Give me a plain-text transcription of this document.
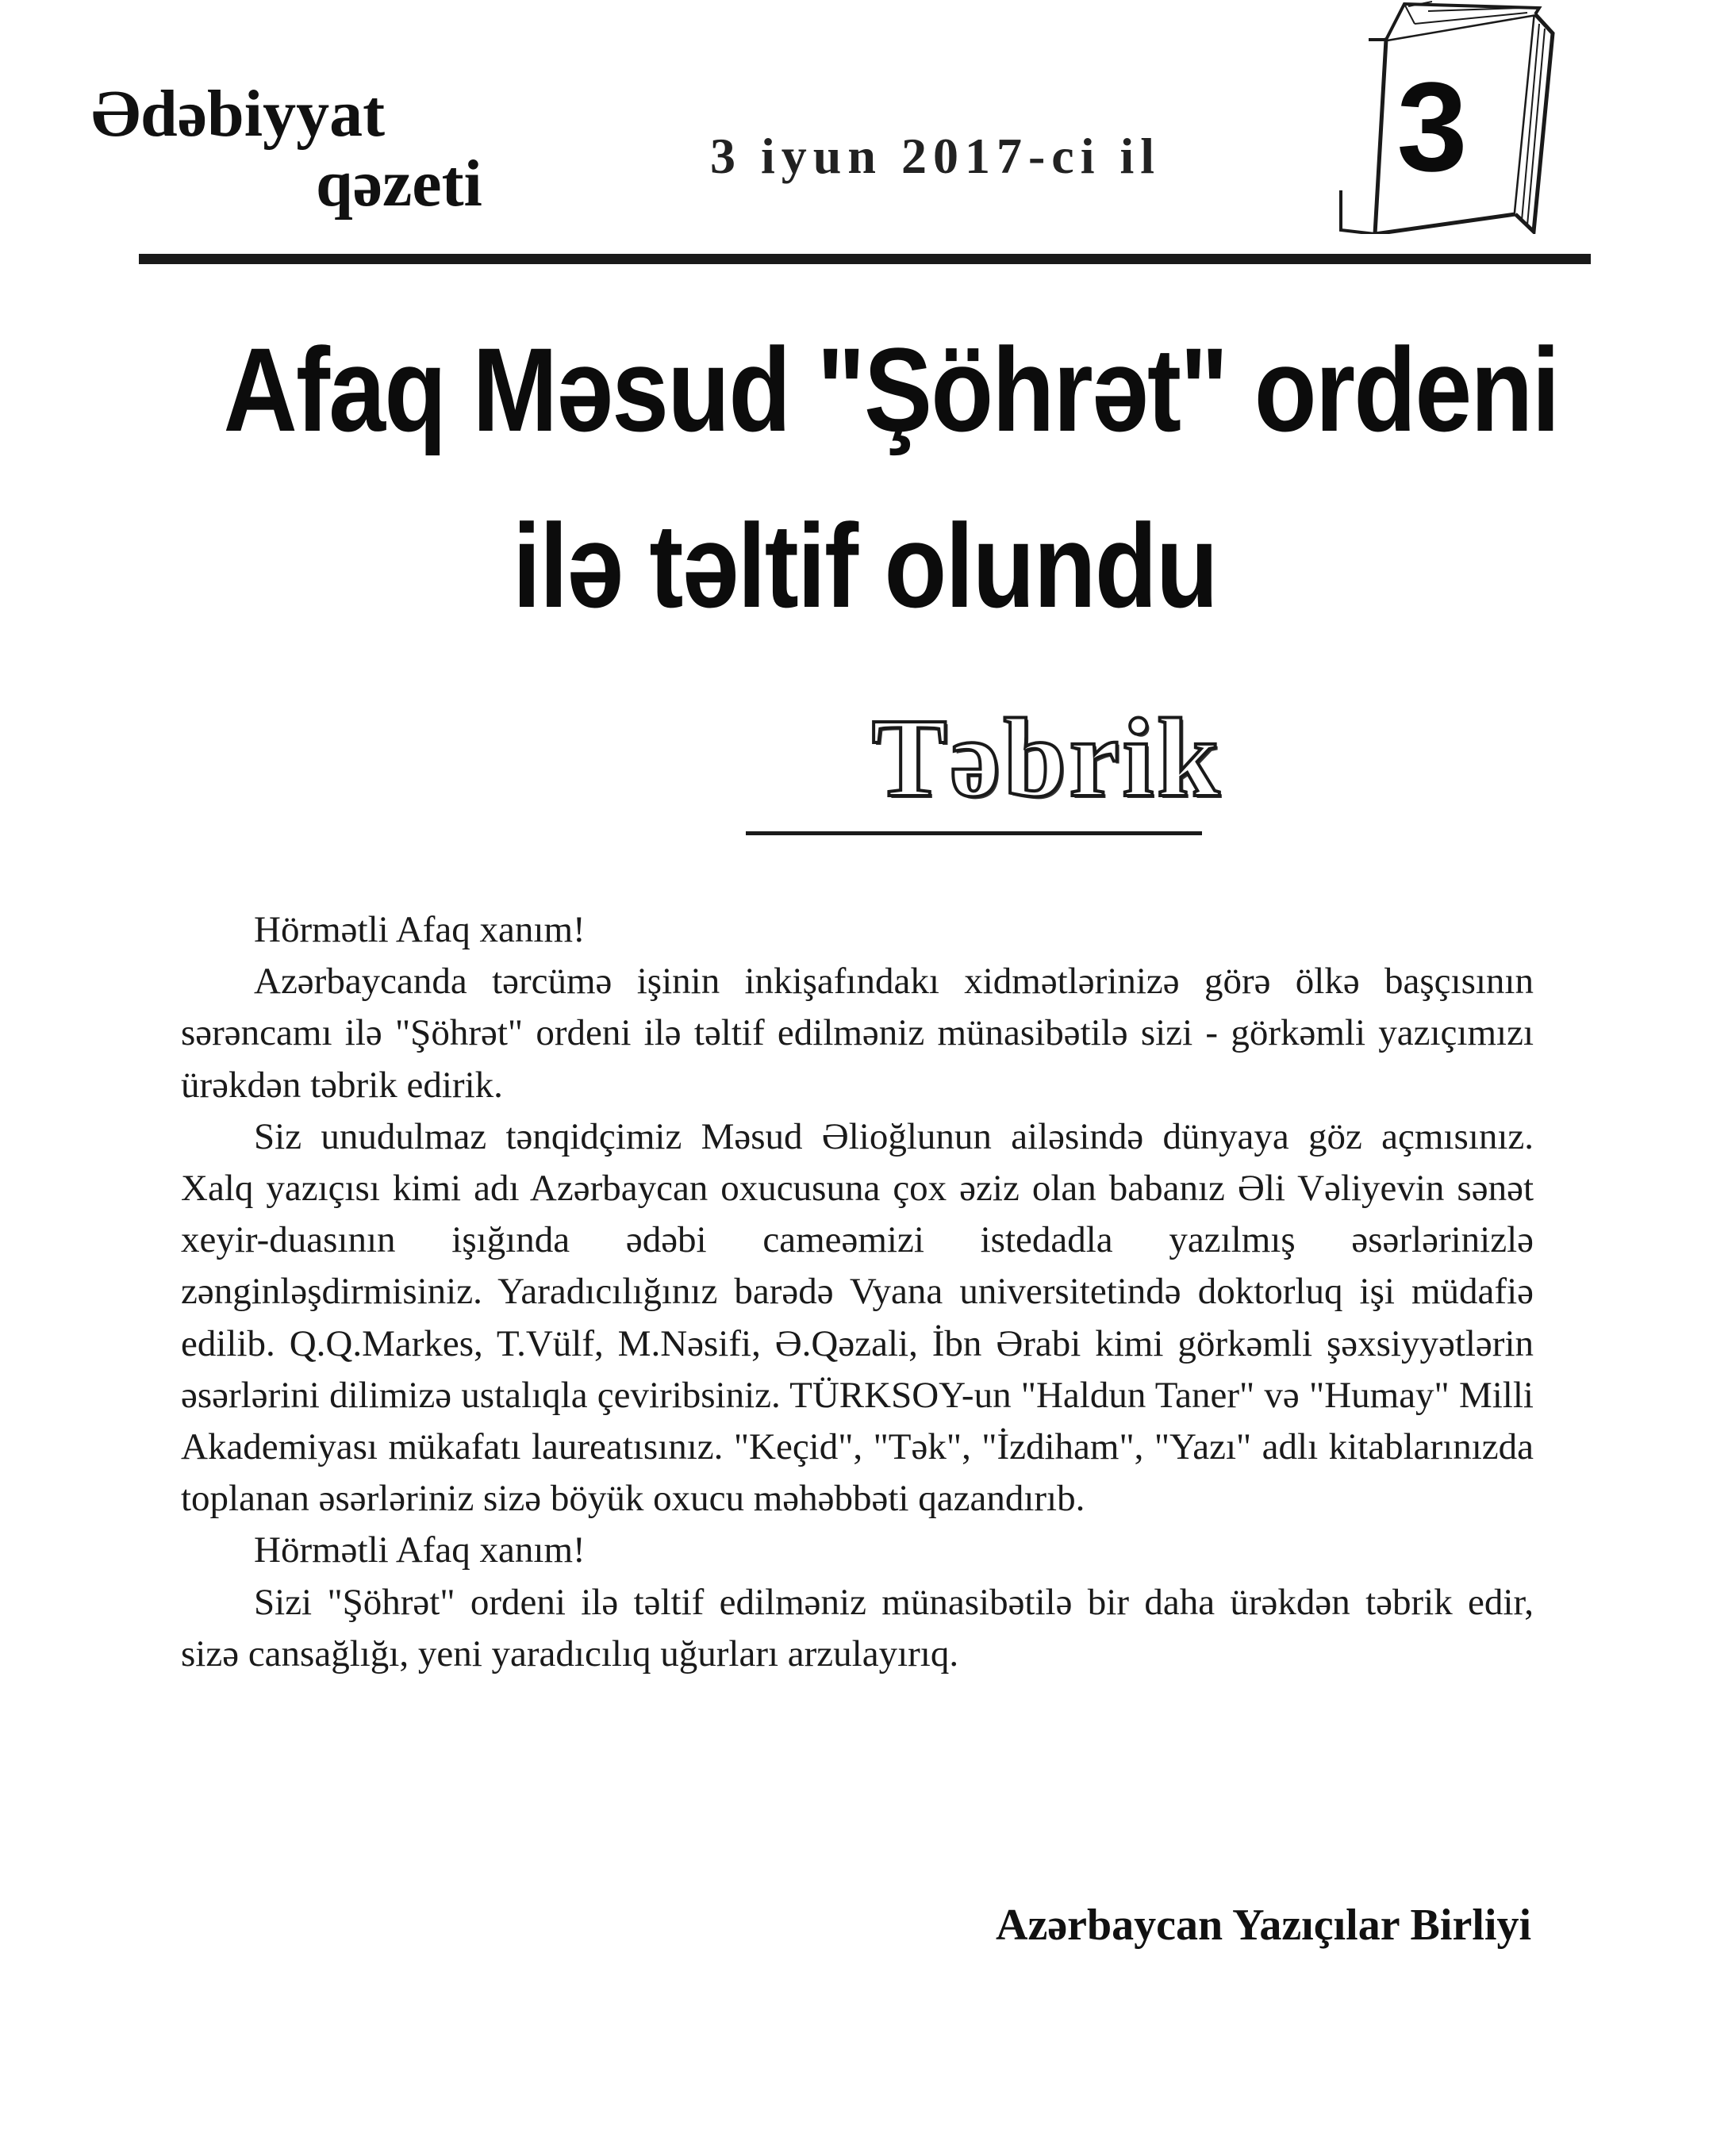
Ədəbiyyat
qəzeti	3 iyun 2017-ci il 3
Afaq Məsud "Şöhrət" ordeni
ilə təltif olundu
Təbrik

Hörmətli Afaq xanım!

Azərbaycanda tərcümə işinin inkişafındakı xidmətlərinizə görə ölkə başçısının sərəncamı ilə "Şöhrət" ordeni ilə təltif edilməniz münasibətilə sizi - görkəmli yazıçımızı ürəkdən təbrik edirik.

Siz unudulmaz tənqidçimiz Məsud Əlioğlunun ailəsində dünyaya göz açmısınız. Xalq yazıçısı kimi adı Azərbaycan oxucusuna çox əziz olan babanız Əli Vəliyevin sənət xeyir-duasının işığında ədəbi cameəmizi istedadla yazılmış əsərlərinizlə zənginləşdirmisiniz. Yaradıcılığınız barədə Vyana universitetində doktorluq işi müdafiə edilib. Q.Q.Markes, T.Vülf, M.Nəsifi, Ə.Qəzali, İbn Ərabi kimi görkəmli şəxsiyyətlərin əsərlərini dilimizə ustalıqla çeviribsiniz. TÜRKSOY-un "Haldun Taner" və "Humay" Milli Akademiyası mükafatı laureatısınız. "Keçid", "Tək", "İzdiham", "Yazı" adlı kitablarınızda toplanan əsərləriniz sizə böyük oxucu məhəbbəti qazandırıb.

Hörmətli Afaq xanım!

Sizi "Şöhrət" ordeni ilə təltif edilməniz münasibətilə bir daha ürəkdən təbrik edir, sizə cansağlığı, yeni yaradıcılıq uğurları arzulayırıq.

Azərbaycan Yazıçılar Birliyi
